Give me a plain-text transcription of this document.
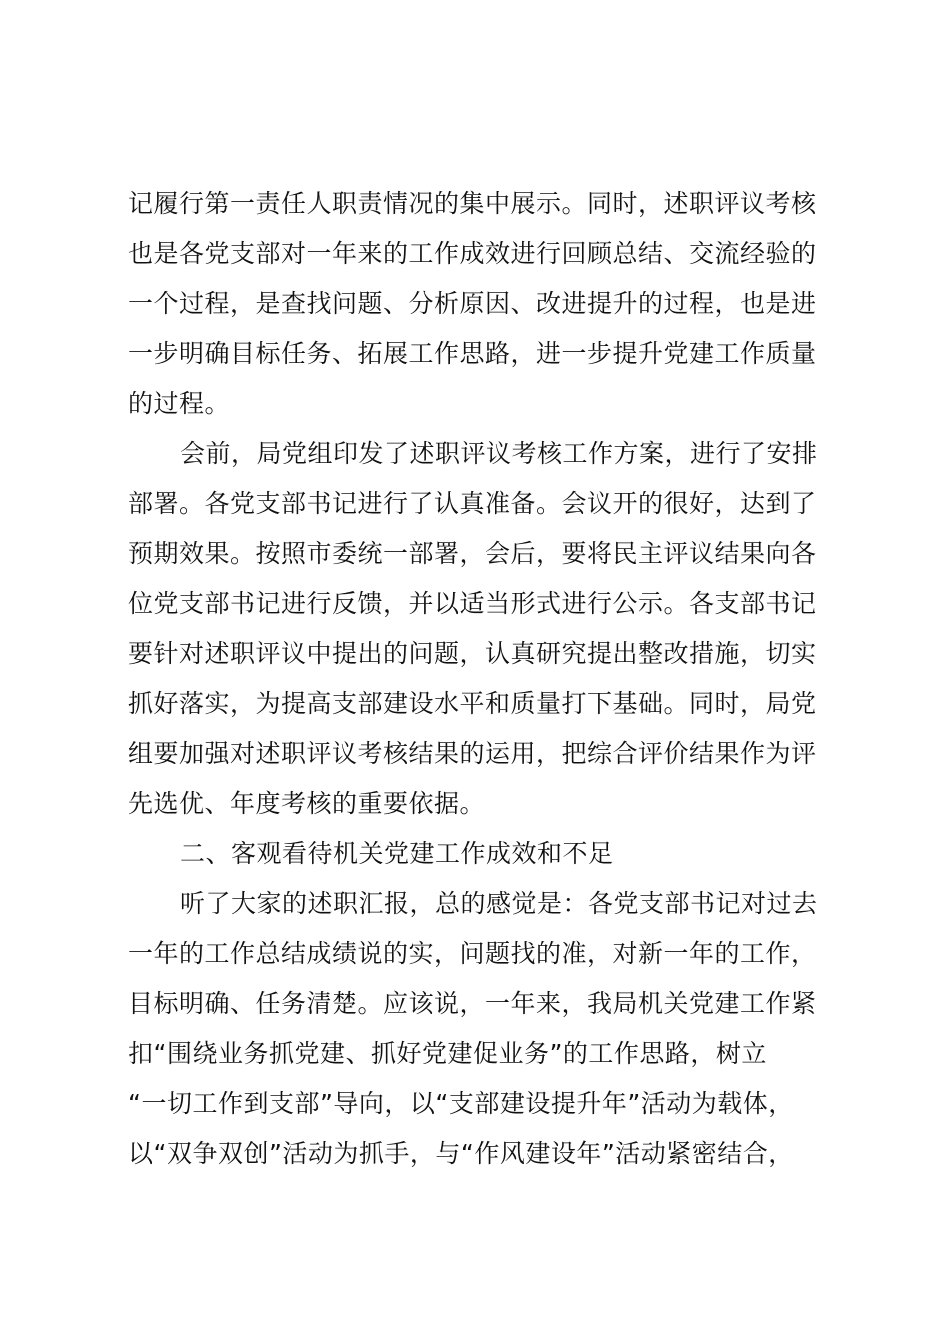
记履行第一责任人职责情况的集中展示。同时，述职评议考核
也是各党支部对一年来的工作成效进行回顾总结、交流经验的
一个过程，是查找问题、分析原因、改进提升的过程，也是进
一步明确目标任务、拓展工作思路，进一步提升党建工作质量
的过程。
会前，局党组印发了述职评议考核工作方案，进行了安排
部署。各党支部书记进行了认真准备。会议开的很好，达到了
预期效果。按照市委统一部署，会后，要将民主评议结果向各
位党支部书记进行反馈，并以适当形式进行公示。各支部书记
要针对述职评议中提出的问题，认真研究提出整改措施，切实
抓好落实，为提高支部建设水平和质量打下基础。同时，局党
组要加强对述职评议考核结果的运用，把综合评价结果作为评
先选优、年度考核的重要依据。
二、客观看待机关党建工作成效和不足
听了大家的述职汇报，总的感觉是：各党支部书记对过去
一年的工作总结成绩说的实，问题找的准，对新一年的工作，
目标明确、任务清楚。应该说，一年来，我局机关党建工作紧
扣“围绕业务抓党建、抓好党建促业务”的工作思路，树立
“一切工作到支部”导向，以“支部建设提升年”活动为载体，
以“双争双创”活动为抓手，与“作风建设年”活动紧密结合，
